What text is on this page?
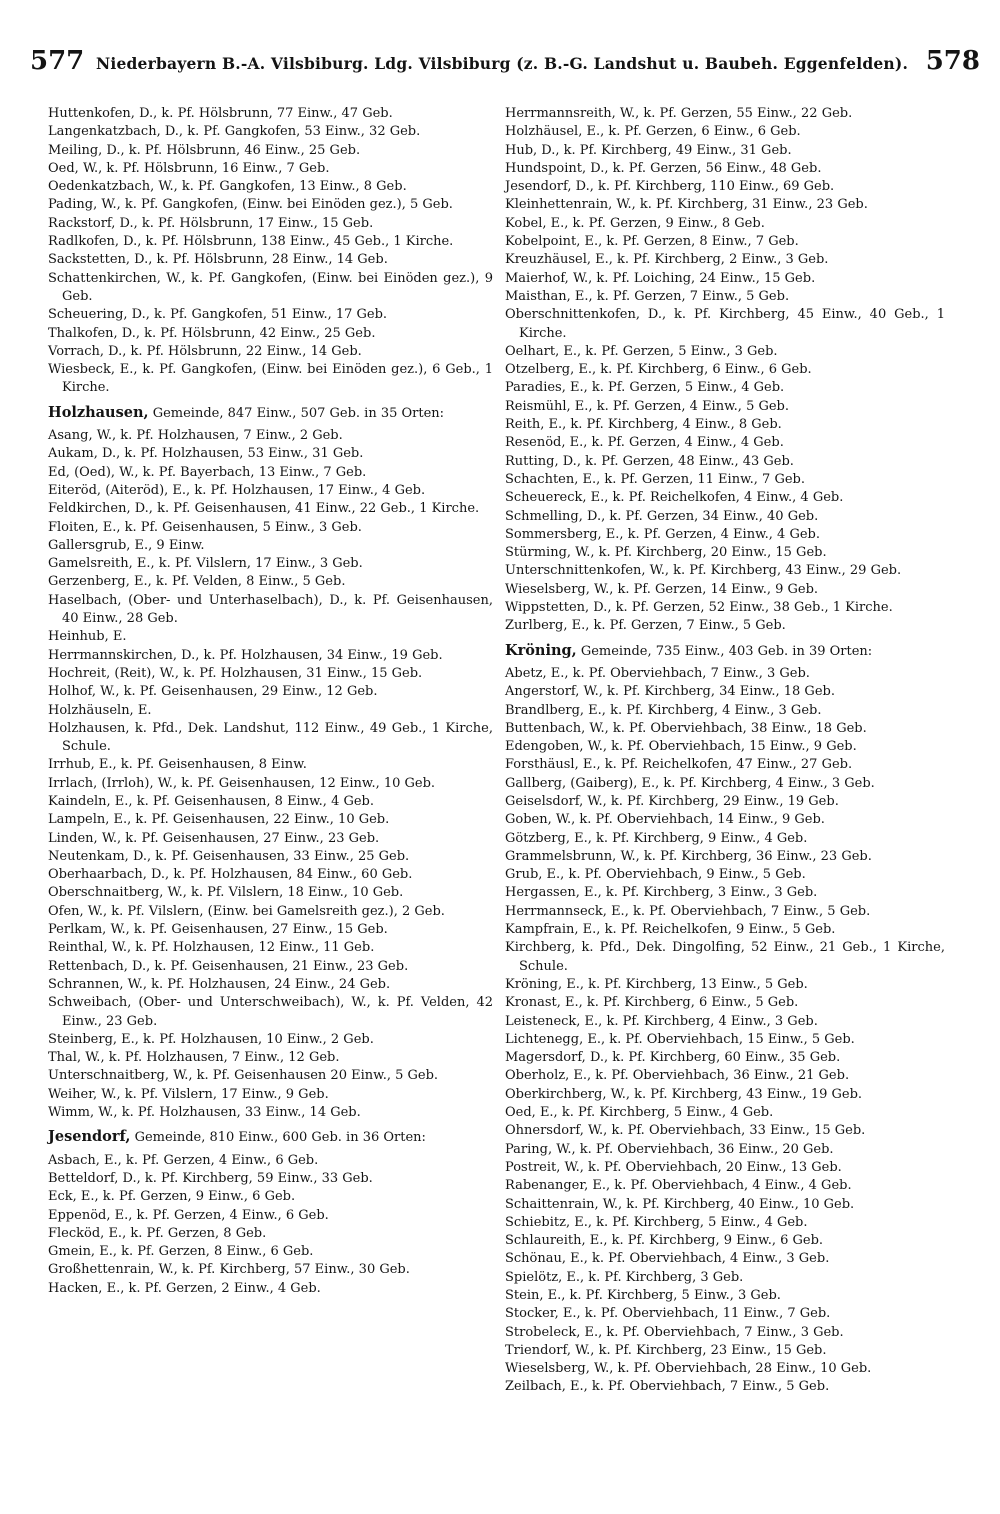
577 Niederbayern B.-A. Vilsbiburg. Ldg. Vilsbiburg (z. B.-G. Landshut u. Baubeh. Eggenfelden). 578
Huttenkofen, D., k. Pf. Hölsbrunn, 77 Einw., 47 Geb.
Langenkatzbach, D., k. Pf. Gangkofen, 53 Einw., 32 Geb.
Meiling, D., k. Pf. Hölsbrunn, 46 Einw., 25 Geb.
Oed, W., k. Pf. Hölsbrunn, 16 Einw., 7 Geb.
Oedenkatzbach, W., k. Pf. Gangkofen, 13 Einw., 8 Geb.
Pading, W., k. Pf. Gangkofen, (Einw. bei Einöden gez.), 5 Geb.
Rackstorf, D., k. Pf. Hölsbrunn, 17 Einw., 15 Geb.
Radlkofen, D., k. Pf. Hölsbrunn, 138 Einw., 45 Geb., 1 Kirche.
Sackstetten, D., k. Pf. Hölsbrunn, 28 Einw., 14 Geb.
Schattenkirchen, W., k. Pf. Gangkofen, (Einw. bei Einöden gez.), 9 Geb.
Scheuering, D., k. Pf. Gangkofen, 51 Einw., 17 Geb.
Thalkofen, D., k. Pf. Hölsbrunn, 42 Einw., 25 Geb.
Vorrach, D., k. Pf. Hölsbrunn, 22 Einw., 14 Geb.
Wiesbeck, E., k. Pf. Gangkofen, (Einw. bei Einöden gez.), 6 Geb., 1 Kirche.
Holzhausen, Gemeinde, 847 Einw., 507 Geb. in 35 Orten:
Asang, W., k. Pf. Holzhausen, 7 Einw., 2 Geb.
Aukam, D., k. Pf. Holzhausen, 53 Einw., 31 Geb.
Ed, (Oed), W., k. Pf. Bayerbach, 13 Einw., 7 Geb.
Eiteröd, (Aiteröd), E., k. Pf. Holzhausen, 17 Einw., 4 Geb.
Feldkirchen, D., k. Pf. Geisenhausen, 41 Einw., 22 Geb., 1 Kirche.
Floiten, E., k. Pf. Geisenhausen, 5 Einw., 3 Geb.
Gallersgrub, E., 9 Einw.
Gamelsreith, E., k. Pf. Vilslern, 17 Einw., 3 Geb.
Gerzenberg, E., k. Pf. Velden, 8 Einw., 5 Geb.
Haselbach, (Ober- und Unterhaselbach), D., k. Pf. Geisenhausen, 40 Einw., 28 Geb.
Heinhub, E.
Herrmannskirchen, D., k. Pf. Holzhausen, 34 Einw., 19 Geb.
Hochreit, (Reit), W., k. Pf. Holzhausen, 31 Einw., 15 Geb.
Holhof, W., k. Pf. Geisenhausen, 29 Einw., 12 Geb.
Holzhäuseln, E.
Holzhausen, k. Pfd., Dek. Landshut, 112 Einw., 49 Geb., 1 Kirche, Schule.
Irrhub, E., k. Pf. Geisenhausen, 8 Einw.
Irrlach, (Irrloh), W., k. Pf. Geisenhausen, 12 Einw., 10 Geb.
Kaindeln, E., k. Pf. Geisenhausen, 8 Einw., 4 Geb.
Lampeln, E., k. Pf. Geisenhausen, 22 Einw., 10 Geb.
Linden, W., k. Pf. Geisenhausen, 27 Einw., 23 Geb.
Neutenkam, D., k. Pf. Geisenhausen, 33 Einw., 25 Geb.
Oberhaarbach, D., k. Pf. Holzhausen, 84 Einw., 60 Geb.
Oberschnaitberg, W., k. Pf. Vilslern, 18 Einw., 10 Geb.
Ofen, W., k. Pf. Vilslern, (Einw. bei Gamelsreith gez.), 2 Geb.
Perlkam, W., k. Pf. Geisenhausen, 27 Einw., 15 Geb.
Reinthal, W., k. Pf. Holzhausen, 12 Einw., 11 Geb.
Rettenbach, D., k. Pf. Geisenhausen, 21 Einw., 23 Geb.
Schrannen, W., k. Pf. Holzhausen, 24 Einw., 24 Geb.
Schweibach, (Ober- und Unterschweibach), W., k. Pf. Velden, 42 Einw., 23 Geb.
Steinberg, E., k. Pf. Holzhausen, 10 Einw., 2 Geb.
Thal, W., k. Pf. Holzhausen, 7 Einw., 12 Geb.
Unterschnaitberg, W., k. Pf. Geisenhausen 20 Einw., 5 Geb.
Weiher, W., k. Pf. Vilslern, 17 Einw., 9 Geb.
Wimm, W., k. Pf. Holzhausen, 33 Einw., 14 Geb.
Jesendorf, Gemeinde, 810 Einw., 600 Geb. in 36 Orten:
Asbach, E., k. Pf. Gerzen, 4 Einw., 6 Geb.
Betteldorf, D., k. Pf. Kirchberg, 59 Einw., 33 Geb.
Eck, E., k. Pf. Gerzen, 9 Einw., 6 Geb.
Eppenöd, E., k. Pf. Gerzen, 4 Einw., 6 Geb.
Flecköd, E., k. Pf. Gerzen, 8 Geb.
Gmein, E., k. Pf. Gerzen, 8 Einw., 6 Geb.
Großhettenrain, W., k. Pf. Kirchberg, 57 Einw., 30 Geb.
Hacken, E., k. Pf. Gerzen, 2 Einw., 4 Geb.
Herrmannsreith, W., k. Pf. Gerzen, 55 Einw., 22 Geb.
Holzhäusel, E., k. Pf. Gerzen, 6 Einw., 6 Geb.
Hub, D., k. Pf. Kirchberg, 49 Einw., 31 Geb.
Hundspoint, D., k. Pf. Gerzen, 56 Einw., 48 Geb.
Jesendorf, D., k. Pf. Kirchberg, 110 Einw., 69 Geb.
Kleinhettenrain, W., k. Pf. Kirchberg, 31 Einw., 23 Geb.
Kobel, E., k. Pf. Gerzen, 9 Einw., 8 Geb.
Kobelpoint, E., k. Pf. Gerzen, 8 Einw., 7 Geb.
Kreuzhäusel, E., k. Pf. Kirchberg, 2 Einw., 3 Geb.
Maierhof, W., k. Pf. Loiching, 24 Einw., 15 Geb.
Maisthan, E., k. Pf. Gerzen, 7 Einw., 5 Geb.
Oberschnittenkofen, D., k. Pf. Kirchberg, 45 Einw., 40 Geb., 1 Kirche.
Oelhart, E., k. Pf. Gerzen, 5 Einw., 3 Geb.
Otzelberg, E., k. Pf. Kirchberg, 6 Einw., 6 Geb.
Paradies, E., k. Pf. Gerzen, 5 Einw., 4 Geb.
Reismühl, E., k. Pf. Gerzen, 4 Einw., 5 Geb.
Reith, E., k. Pf. Kirchberg, 4 Einw., 8 Geb.
Resenöd, E., k. Pf. Gerzen, 4 Einw., 4 Geb.
Rutting, D., k. Pf. Gerzen, 48 Einw., 43 Geb.
Schachten, E., k. Pf. Gerzen, 11 Einw., 7 Geb.
Scheuereck, E., k. Pf. Reichelkofen, 4 Einw., 4 Geb.
Schmelling, D., k. Pf. Gerzen, 34 Einw., 40 Geb.
Sommersberg, E., k. Pf. Gerzen, 4 Einw., 4 Geb.
Stürming, W., k. Pf. Kirchberg, 20 Einw., 15 Geb.
Unterschnittenkofen, W., k. Pf. Kirchberg, 43 Einw., 29 Geb.
Wieselsberg, W., k. Pf. Gerzen, 14 Einw., 9 Geb.
Wippstetten, D., k. Pf. Gerzen, 52 Einw., 38 Geb., 1 Kirche.
Zurlberg, E., k. Pf. Gerzen, 7 Einw., 5 Geb.
Kröning, Gemeinde, 735 Einw., 403 Geb. in 39 Orten:
Abetz, E., k. Pf. Oberviehbach, 7 Einw., 3 Geb.
Angerstorf, W., k. Pf. Kirchberg, 34 Einw., 18 Geb.
Brandlberg, E., k. Pf. Kirchberg, 4 Einw., 3 Geb.
Buttenbach, W., k. Pf. Oberviehbach, 38 Einw., 18 Geb.
Edengoben, W., k. Pf. Oberviehbach, 15 Einw., 9 Geb.
Forsthäusl, E., k. Pf. Reichelkofen, 47 Einw., 27 Geb.
Gallberg, (Gaiberg), E., k. Pf. Kirchberg, 4 Einw., 3 Geb.
Geiselsdorf, W., k. Pf. Kirchberg, 29 Einw., 19 Geb.
Goben, W., k. Pf. Oberviehbach, 14 Einw., 9 Geb.
Götzberg, E., k. Pf. Kirchberg, 9 Einw., 4 Geb.
Grammelsbrunn, W., k. Pf. Kirchberg, 36 Einw., 23 Geb.
Grub, E., k. Pf. Oberviehbach, 9 Einw., 5 Geb.
Hergassen, E., k. Pf. Kirchberg, 3 Einw., 3 Geb.
Herrmannseck, E., k. Pf. Oberviehbach, 7 Einw., 5 Geb.
Kampfrain, E., k. Pf. Reichelkofen, 9 Einw., 5 Geb.
Kirchberg, k. Pfd., Dek. Dingolfing, 52 Einw., 21 Geb., 1 Kirche, Schule.
Kröning, E., k. Pf. Kirchberg, 13 Einw., 5 Geb.
Kronast, E., k. Pf. Kirchberg, 6 Einw., 5 Geb.
Leisteneck, E., k. Pf. Kirchberg, 4 Einw., 3 Geb.
Lichtenegg, E., k. Pf. Oberviehbach, 15 Einw., 5 Geb.
Magersdorf, D., k. Pf. Kirchberg, 60 Einw., 35 Geb.
Oberholz, E., k. Pf. Oberviehbach, 36 Einw., 21 Geb.
Oberkirchberg, W., k. Pf. Kirchberg, 43 Einw., 19 Geb.
Oed, E., k. Pf. Kirchberg, 5 Einw., 4 Geb.
Ohnersdorf, W., k. Pf. Oberviehbach, 33 Einw., 15 Geb.
Paring, W., k. Pf. Oberviehbach, 36 Einw., 20 Geb.
Postreit, W., k. Pf. Oberviehbach, 20 Einw., 13 Geb.
Rabenanger, E., k. Pf. Oberviehbach, 4 Einw., 4 Geb.
Schaittenrain, W., k. Pf. Kirchberg, 40 Einw., 10 Geb.
Schiebitz, E., k. Pf. Kirchberg, 5 Einw., 4 Geb.
Schlaureith, E., k. Pf. Kirchberg, 9 Einw., 6 Geb.
Schönau, E., k. Pf. Oberviehbach, 4 Einw., 3 Geb.
Spielötz, E., k. Pf. Kirchberg, 3 Geb.
Stein, E., k. Pf. Kirchberg, 5 Einw., 3 Geb.
Stocker, E., k. Pf. Oberviehbach, 11 Einw., 7 Geb.
Strobeleck, E., k. Pf. Oberviehbach, 7 Einw., 3 Geb.
Triendorf, W., k. Pf. Kirchberg, 23 Einw., 15 Geb.
Wieselsberg, W., k. Pf. Oberviehbach, 28 Einw., 10 Geb.
Zeilbach, E., k. Pf. Oberviehbach, 7 Einw., 5 Geb.
